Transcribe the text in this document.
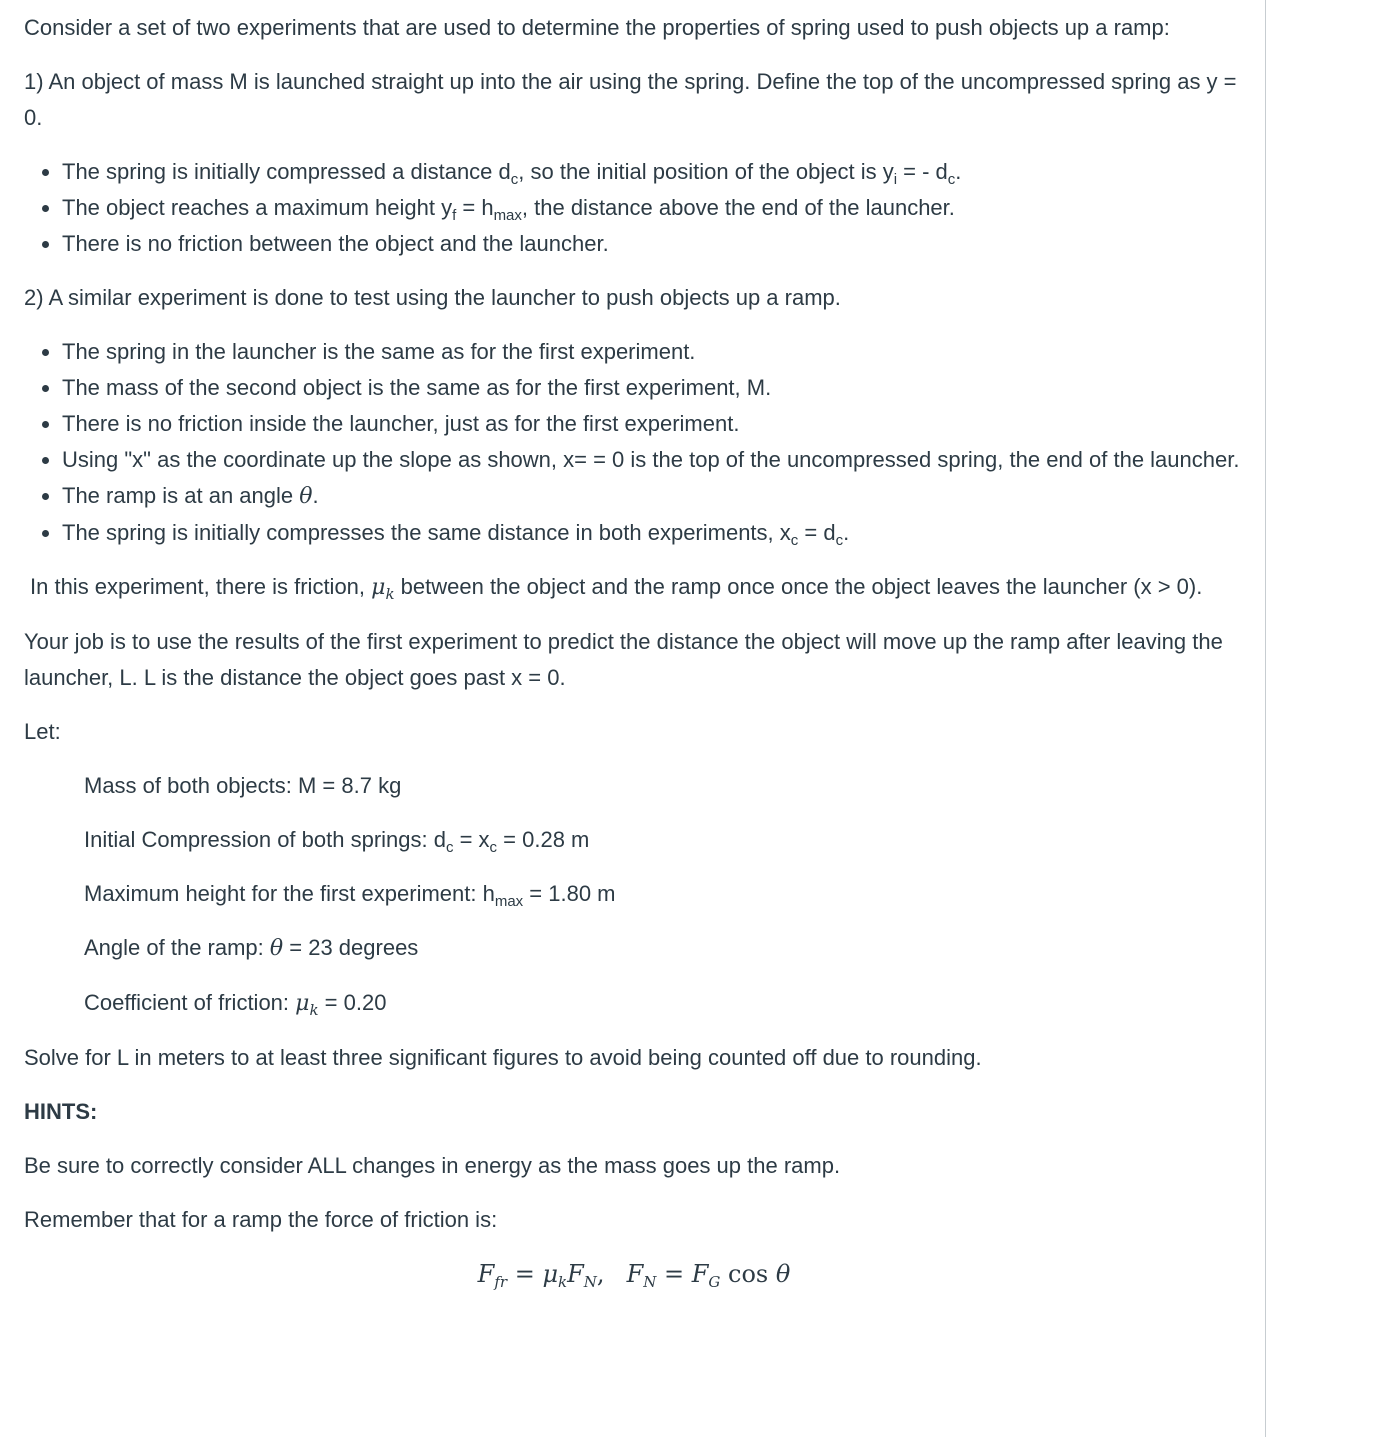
Consider a set of two experiments that are used to determine the properties of spring used to push objects up a ramp:

1) An object of mass M is launched straight up into the air using the spring. Define the top of the uncompressed spring as y = 0.

• The spring is initially compressed a distance $d_c$, so the initial position of the object is $y_i$ = - $d_c$.
• The object reaches a maximum height $y_f = h_{max}$, the distance above the end of the launcher.
• There is no friction between the object and the launcher.

2) A similar experiment is done to test using the launcher to push objects up a ramp.

• The spring in the launcher is the same as for the first experiment.
• The mass of the second object is the same as for the first experiment, M.
• There is no friction inside the launcher, just as for the first experiment.
• Using "x" as the coordinate up the slope as shown, x= = 0 is the top of the uncompressed spring, the end of the launcher.
• The ramp is at an angle θ.
• The spring is initially compresses the same distance in both experiments, $x_c = d_c$.

In this experiment, there is friction, $\mu_k$ between the object and the ramp once once the object leaves the launcher (x > 0).

Your job is to use the results of the first experiment to predict the distance the object will move up the ramp after leaving the launcher, L. L is the distance the object goes past x = 0.

Let:

Mass of both objects: M = 8.7 kg

Initial Compression of both springs: $d_c = x_c = 0.28$ m

Maximum height for the first experiment: $h_{max} = 1.80$ m

Angle of the ramp: θ = 23 degrees

Coefficient of friction: $\mu_k = 0.20$

Solve for L in meters to at least three significant figures to avoid being counted off due to rounding.

HINTS:

Be sure to correctly consider ALL changes in energy as the mass goes up the ramp.

Remember that for a ramp the force of friction is:

$F_{fr} = \mu_kF_N$, $F_N = F_G$ cos θ
